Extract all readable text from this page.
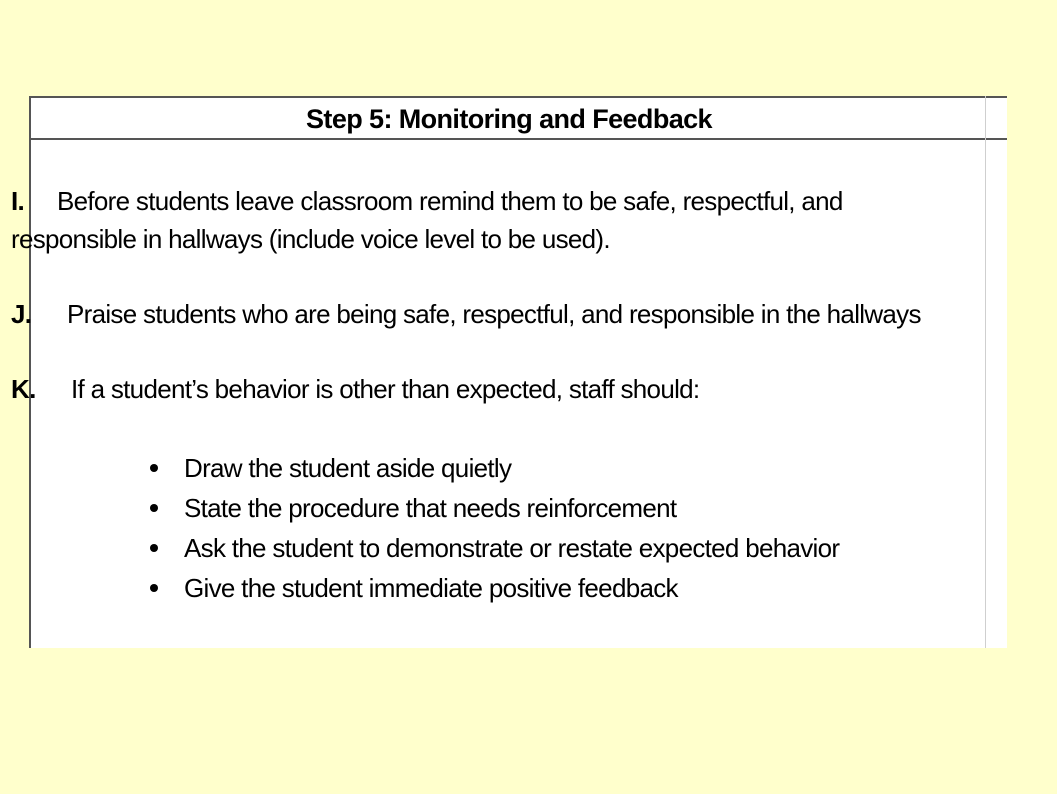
Step 5: Monitoring and Feedback
I. Before students leave classroom remind them to be safe, respectful, and responsible in hallways (include voice level to be used).
J. Praise students who are being safe, respectful, and responsible in the hallways
K. If a student’s behavior is other than expected, staff should:
Draw the student aside quietly
State the procedure that needs reinforcement
Ask the student to demonstrate or restate expected behavior
Give the student immediate positive feedback
